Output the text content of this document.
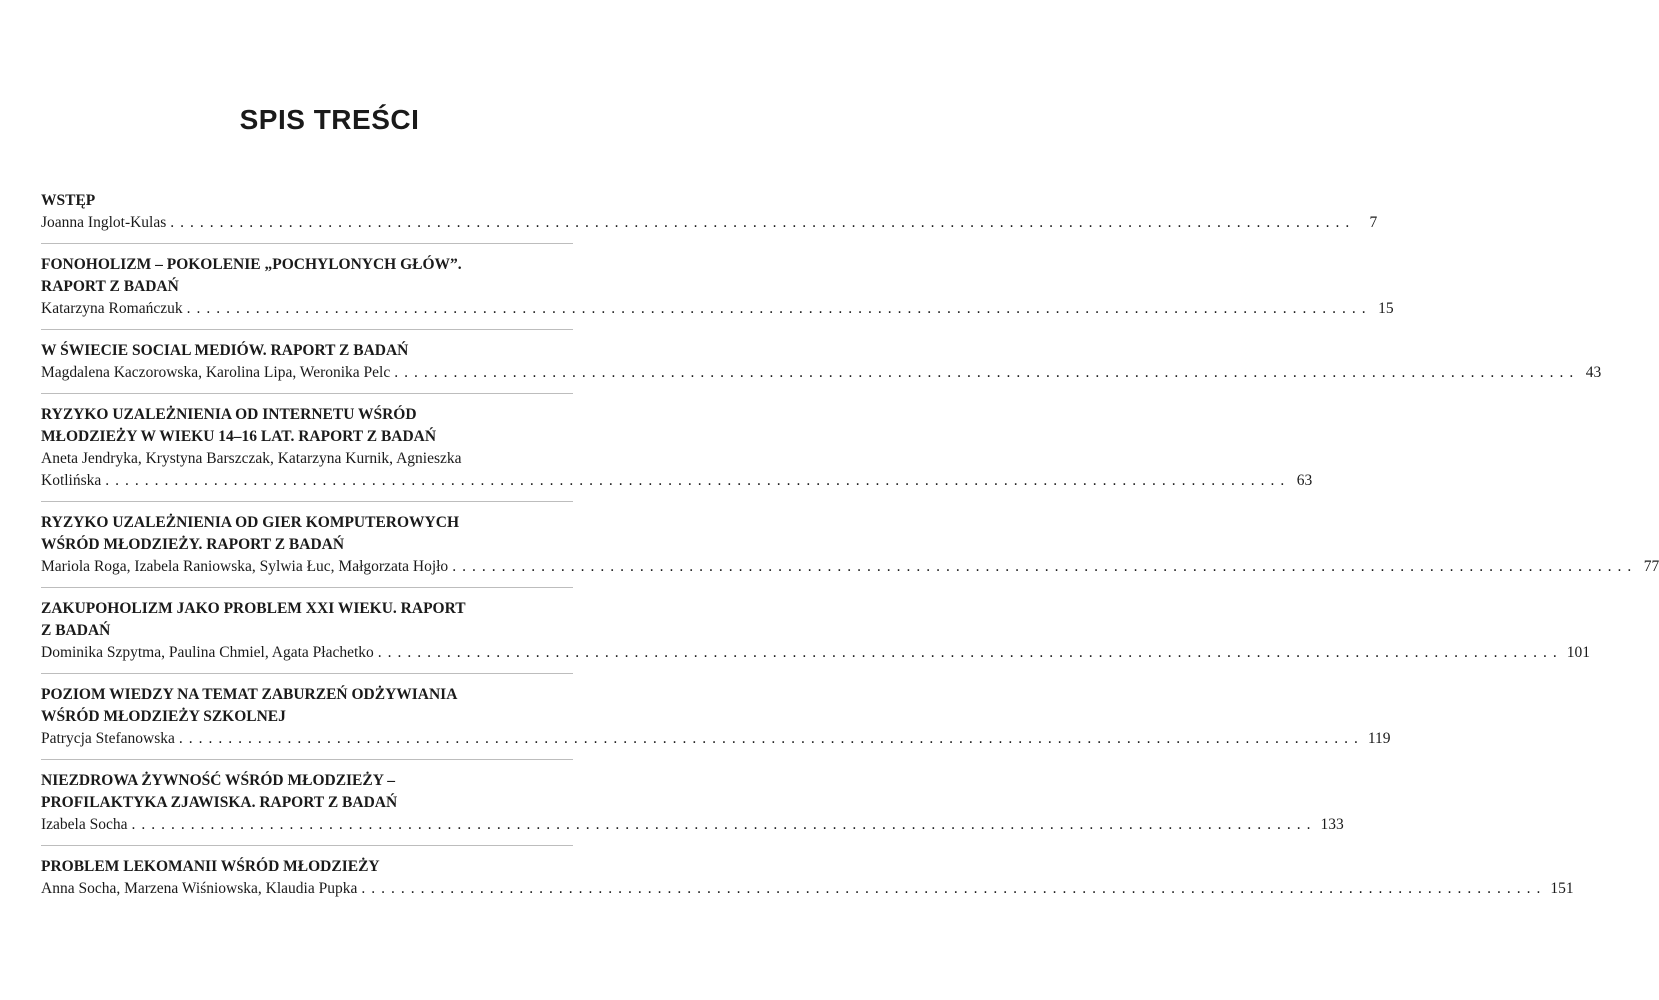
SPIS TREŚCI
WSTĘP
Joanna Inglot-Kulas ........................................................................................................................ 7
FONOHOLIZM – POKOLENIE „POCHYLONYCH GŁÓW”.
RAPORT Z BADAŃ
Katarzyna Romańczuk ........................................................................................................................ 15
W ŚWIECIE SOCIAL MEDIÓW. RAPORT Z BADAŃ
Magdalena Kaczorowska, Karolina Lipa, Weronika Pelc ........................................................................................................................ 43
RYZYKO UZALEŻNIENIA OD INTERNETU WŚRÓD
MŁODZIEŻY W WIEKU 14–16 LAT. RAPORT Z BADAŃ
Aneta Jendryka, Krystyna Barszczak, Katarzyna Kurnik, Agnieszka
Kotlińska ........................................................................................................................ 63
RYZYKO UZALEŻNIENIA OD GIER KOMPUTEROWYCH
WŚRÓD MŁODZIEŻY. RAPORT Z BADAŃ
Mariola Roga, Izabela Raniowska, Sylwia Łuc, Małgorzata Hojło ........................................................................................................................ 77
ZAKUPOHOLIZM JAKO PROBLEM XXI WIEKU. RAPORT
Z BADAŃ
Dominika Szpytma, Paulina Chmiel, Agata Płachetko ........................................................................................................................ 101
POZIOM WIEDZY NA TEMAT ZABURZEŃ ODŻYWIANIA
WŚRÓD MŁODZIEŻY SZKOLNEJ
Patrycja Stefanowska ........................................................................................................................ 119
NIEZDROWA ŻYWNOŚĆ WŚRÓD MŁODZIEŻY –
PROFILAKTYKA ZJAWISKA. RAPORT Z BADAŃ
Izabela Socha ........................................................................................................................ 133
PROBLEM LEKOMANII WŚRÓD MŁODZIEŻY
Anna Socha, Marzena Wiśniowska, Klaudia Pupka ........................................................................................................................ 151
